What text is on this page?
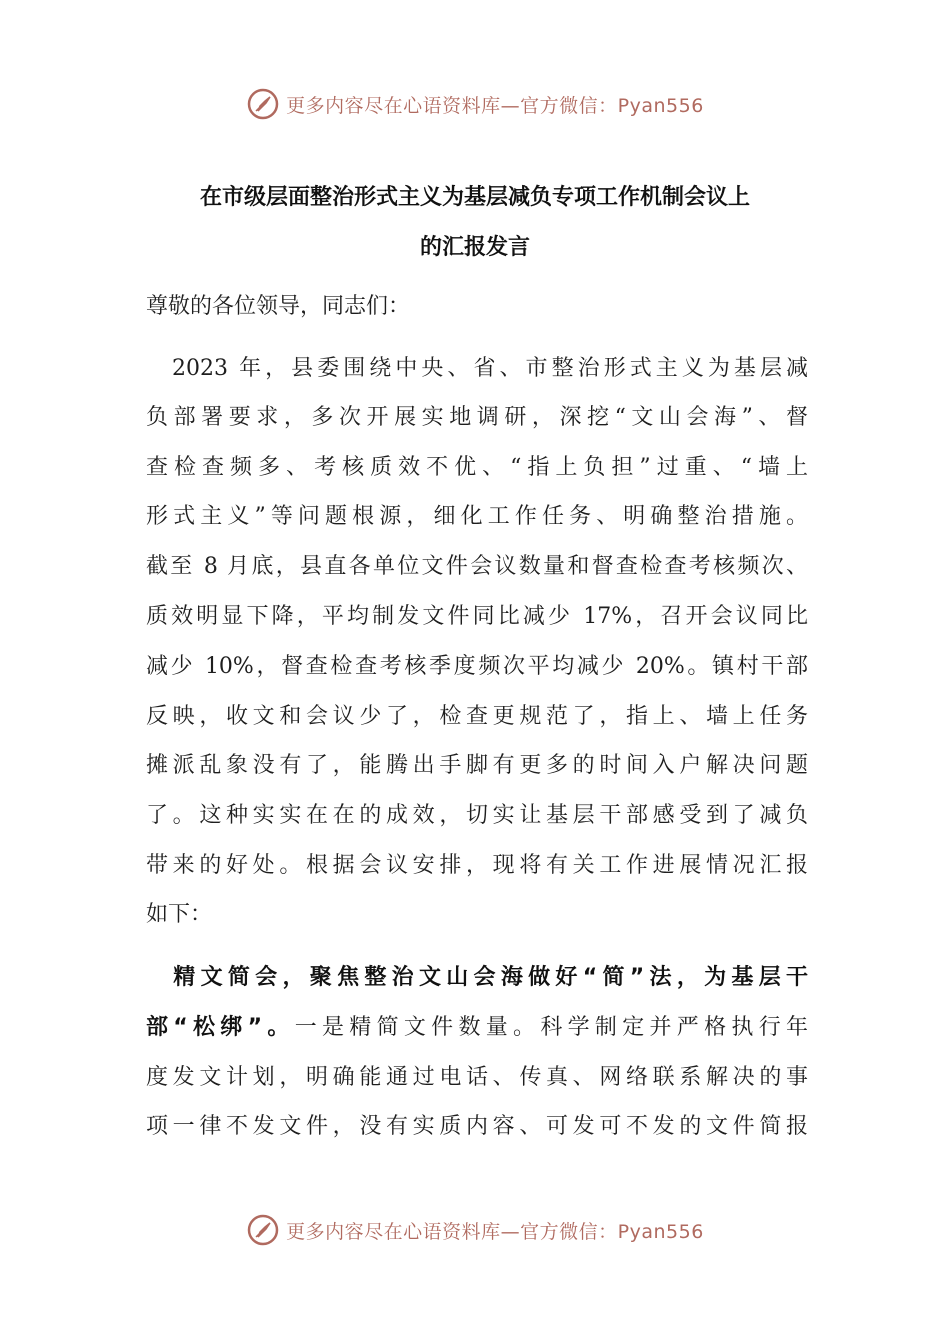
更多内容尽在心语资料库—官方微信：Pyan556
在市级层面整治形式主义为基层减负专项工作机制会议上
的汇报发言
尊敬的各位领导，同志们：
　2023 年，县委围绕中央、省、市整治形式主义为基层减
负部署要求，多次开展实地调研，深挖“文山会海”、督
查检查频多、考核质效不优、“指上负担”过重、“墙上
形式主义”等问题根源，细化工作任务、明确整治措施。
截至 8 月底，县直各单位文件会议数量和督查检查考核频次、
质效明显下降，平均制发文件同比减少 17%，召开会议同比
减少 10%，督查检查考核季度频次平均减少 20%。镇村干部
反映，收文和会议少了，检查更规范了，指上、墙上任务
摊派乱象没有了，能腾出手脚有更多的时间入户解决问题
了。这种实实在在的成效，切实让基层干部感受到了减负
带来的好处。根据会议安排，现将有关工作进展情况汇报
如下：
　精文简会，聚焦整治文山会海做好“简”法，为基层干
部“松绑”。一是精简文件数量。科学制定并严格执行年
度发文计划，明确能通过电话、传真、网络联系解决的事
项一律不发文件，没有实质内容、可发可不发的文件简报
更多内容尽在心语资料库—官方微信：Pyan556
